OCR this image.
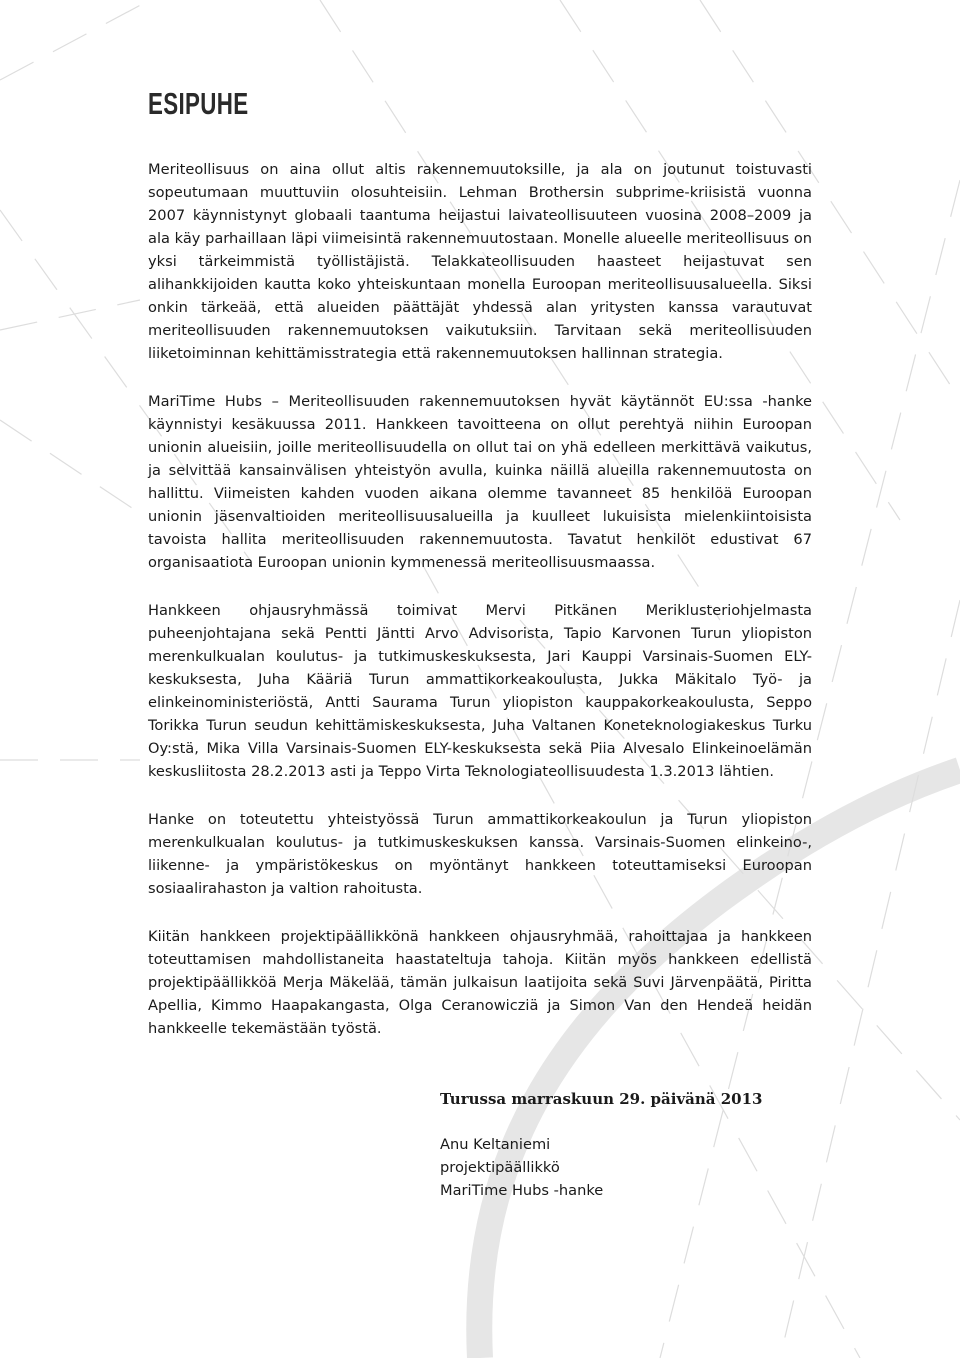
ESIPUHE

Meriteollisuus on aina ollut altis rakennemuutoksille, ja ala on joutunut toistuvasti sopeutumaan muuttuviin olosuhteisiin. Lehman Brothersin subprime-kriisistä vuonna 2007 käynnistynyt globaali taantuma heijastui laivateollisuuteen vuosina 2008–2009 ja ala käy parhaillaan läpi viimeisintä rakennemuutostaan. Monelle alueelle meriteollisuus on yksi tärkeimmistä työllistäjistä. Telakkateollisuuden haasteet heijastuvat sen alihankkijoiden kautta koko yhteiskuntaan monella Euroopan meriteollisuusalueella. Siksi onkin tärkeää, että alueiden päättäjät yhdessä alan yritysten kanssa varautuvat meriteollisuuden rakennemuutoksen vaikutuksiin. Tarvitaan sekä meriteollisuuden liiketoiminnan kehittämisstrategia että rakennemuutoksen hallinnan strategia.

MariTime Hubs – Meriteollisuuden rakennemuutoksen hyvät käytännöt EU:ssa -hanke käynnistyi kesäkuussa 2011. Hankkeen tavoitteena on ollut perehtyä niihin Euroopan unionin alueisiin, joille meriteollisuudella on ollut tai on yhä edelleen merkittävä vaikutus, ja selvittää kansainvälisen yhteistyön avulla, kuinka näillä alueilla rakennemuutosta on hallittu. Viimeisten kahden vuoden aikana olemme tavanneet 85 henkilöä Euroopan unionin jäsenvaltioiden meriteollisuusalueilla ja kuulleet lukuisista mielenkiintoisista tavoista hallita meriteollisuuden rakennemuutosta. Tavatut henkilöt edustivat 67 organisaatiota Euroopan unionin kymmenessä meriteollisuusmaassa.

Hankkeen ohjausryhmässä toimivat Mervi Pitkänen Meriklusteriohjelmasta puheenjohtajana sekä Pentti Jäntti Arvo Advisorista, Tapio Karvonen Turun yliopiston merenkulkualan koulutus- ja tutkimuskeskuksesta, Jari Kauppi Varsinais-Suomen ELY-keskuksesta, Juha Kääriä Turun ammattikorkeakoulusta, Jukka Mäkitalo Työ- ja elinkeinoministeriöstä, Antti Saurama Turun yliopiston kauppakorkeakoulusta, Seppo Torikka Turun seudun kehittämiskeskuksesta, Juha Valtanen Koneteknologiakeskus Turku Oy:stä, Mika Villa Varsinais-Suomen ELY-keskuksesta sekä Piia Alvesalo Elinkeinoelämän keskusliitosta 28.2.2013 asti ja Teppo Virta Teknologiateollisuudesta 1.3.2013 lähtien.

Hanke on toteutettu yhteistyössä Turun ammattikorkeakoulun ja Turun yliopiston merenkulkualan koulutus- ja tutkimuskeskuksen kanssa. Varsinais-Suomen elinkeino-, liikenne- ja ympäristökeskus on myöntänyt hankkeen toteuttamiseksi Euroopan sosiaalirahaston ja valtion rahoitusta.

Kiitän hankkeen projektipäällikkönä hankkeen ohjausryhmää, rahoittajaa ja hankkeen toteuttamisen mahdollistaneita haastateltuja tahoja. Kiitän myös hankkeen edellistä projektipäällikköä Merja Mäkelää, tämän julkaisun laatijoita sekä Suvi Järvenpäätä, Piritta Apellia, Kimmo Haapakangasta, Olga Ceranowicziä ja Simon Van den Hendeä heidän hankkeelle tekemästään työstä.

Turussa marraskuun 29. päivänä 2013

Anu Keltaniemi

projektipäällikkö

MariTime Hubs -hanke
